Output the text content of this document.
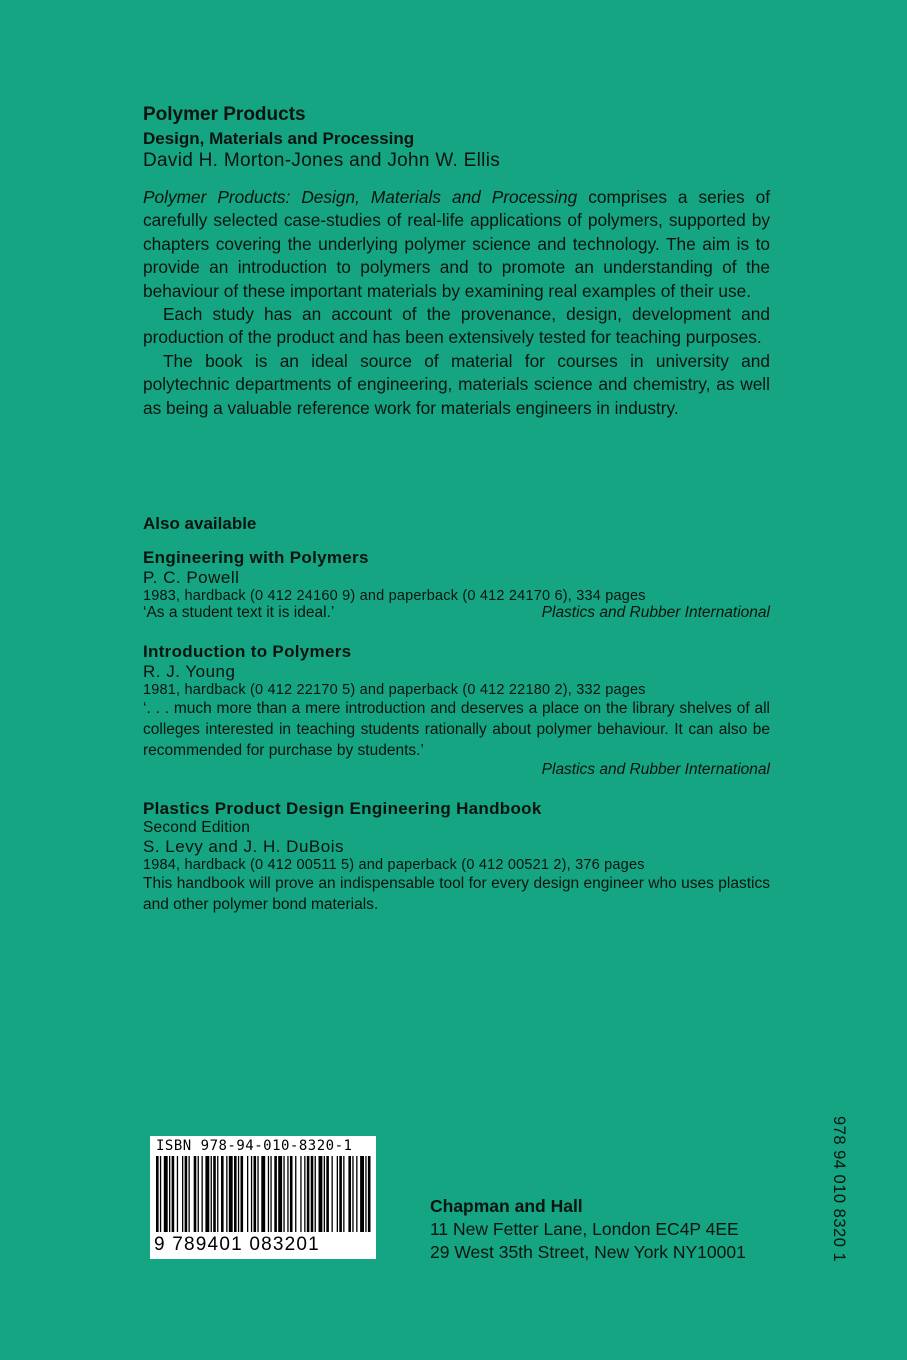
Polymer Products
Design, Materials and Processing
David H. Morton-Jones and John W. Ellis

Polymer Products: Design, Materials and Processing comprises a series of carefully selected case-studies of real-life applications of polymers, supported by chapters covering the underlying polymer science and technology. The aim is to provide an introduction to polymers and to promote an understanding of the behaviour of these important materials by examining real examples of their use.

Each study has an account of the provenance, design, development and production of the product and has been extensively tested for teaching purposes.

The book is an ideal source of material for courses in university and polytechnic departments of engineering, materials science and chemistry, as well as being a valuable reference work for materials engineers in industry.

Also available
Engineering with Polymers
P. C. Powell
1983, hardback (0 412 24160 9) and paperback (0 412 24170 6), 334 pages
‘As a student text it is ideal.’	Plastics and Rubber International
Introduction to Polymers
R. J. Young
1981, hardback (0 412 22170 5) and paperback (0 412 22180 2), 332 pages
‘. . . much more than a mere introduction and deserves a place on the library shelves of all colleges interested in teaching students rationally about polymer behaviour. It can also be recommended for purchase by students.’
Plastics and Rubber International
Plastics Product Design Engineering Handbook
Second Edition
S. Levy and J. H. DuBois
1984, hardback (0 412 00511 5) and paperback (0 412 00521 2), 376 pages
This handbook will prove an indispensable tool for every design engineer who uses plastics and other polymer bond materials.
ISBN 978-94-010-8320-1
9 789401 083201
Chapman and Hall
11 New Fetter Lane, London EC4P 4EE
29 West 35th Street, New York NY10001	978 94 010 8320 1
